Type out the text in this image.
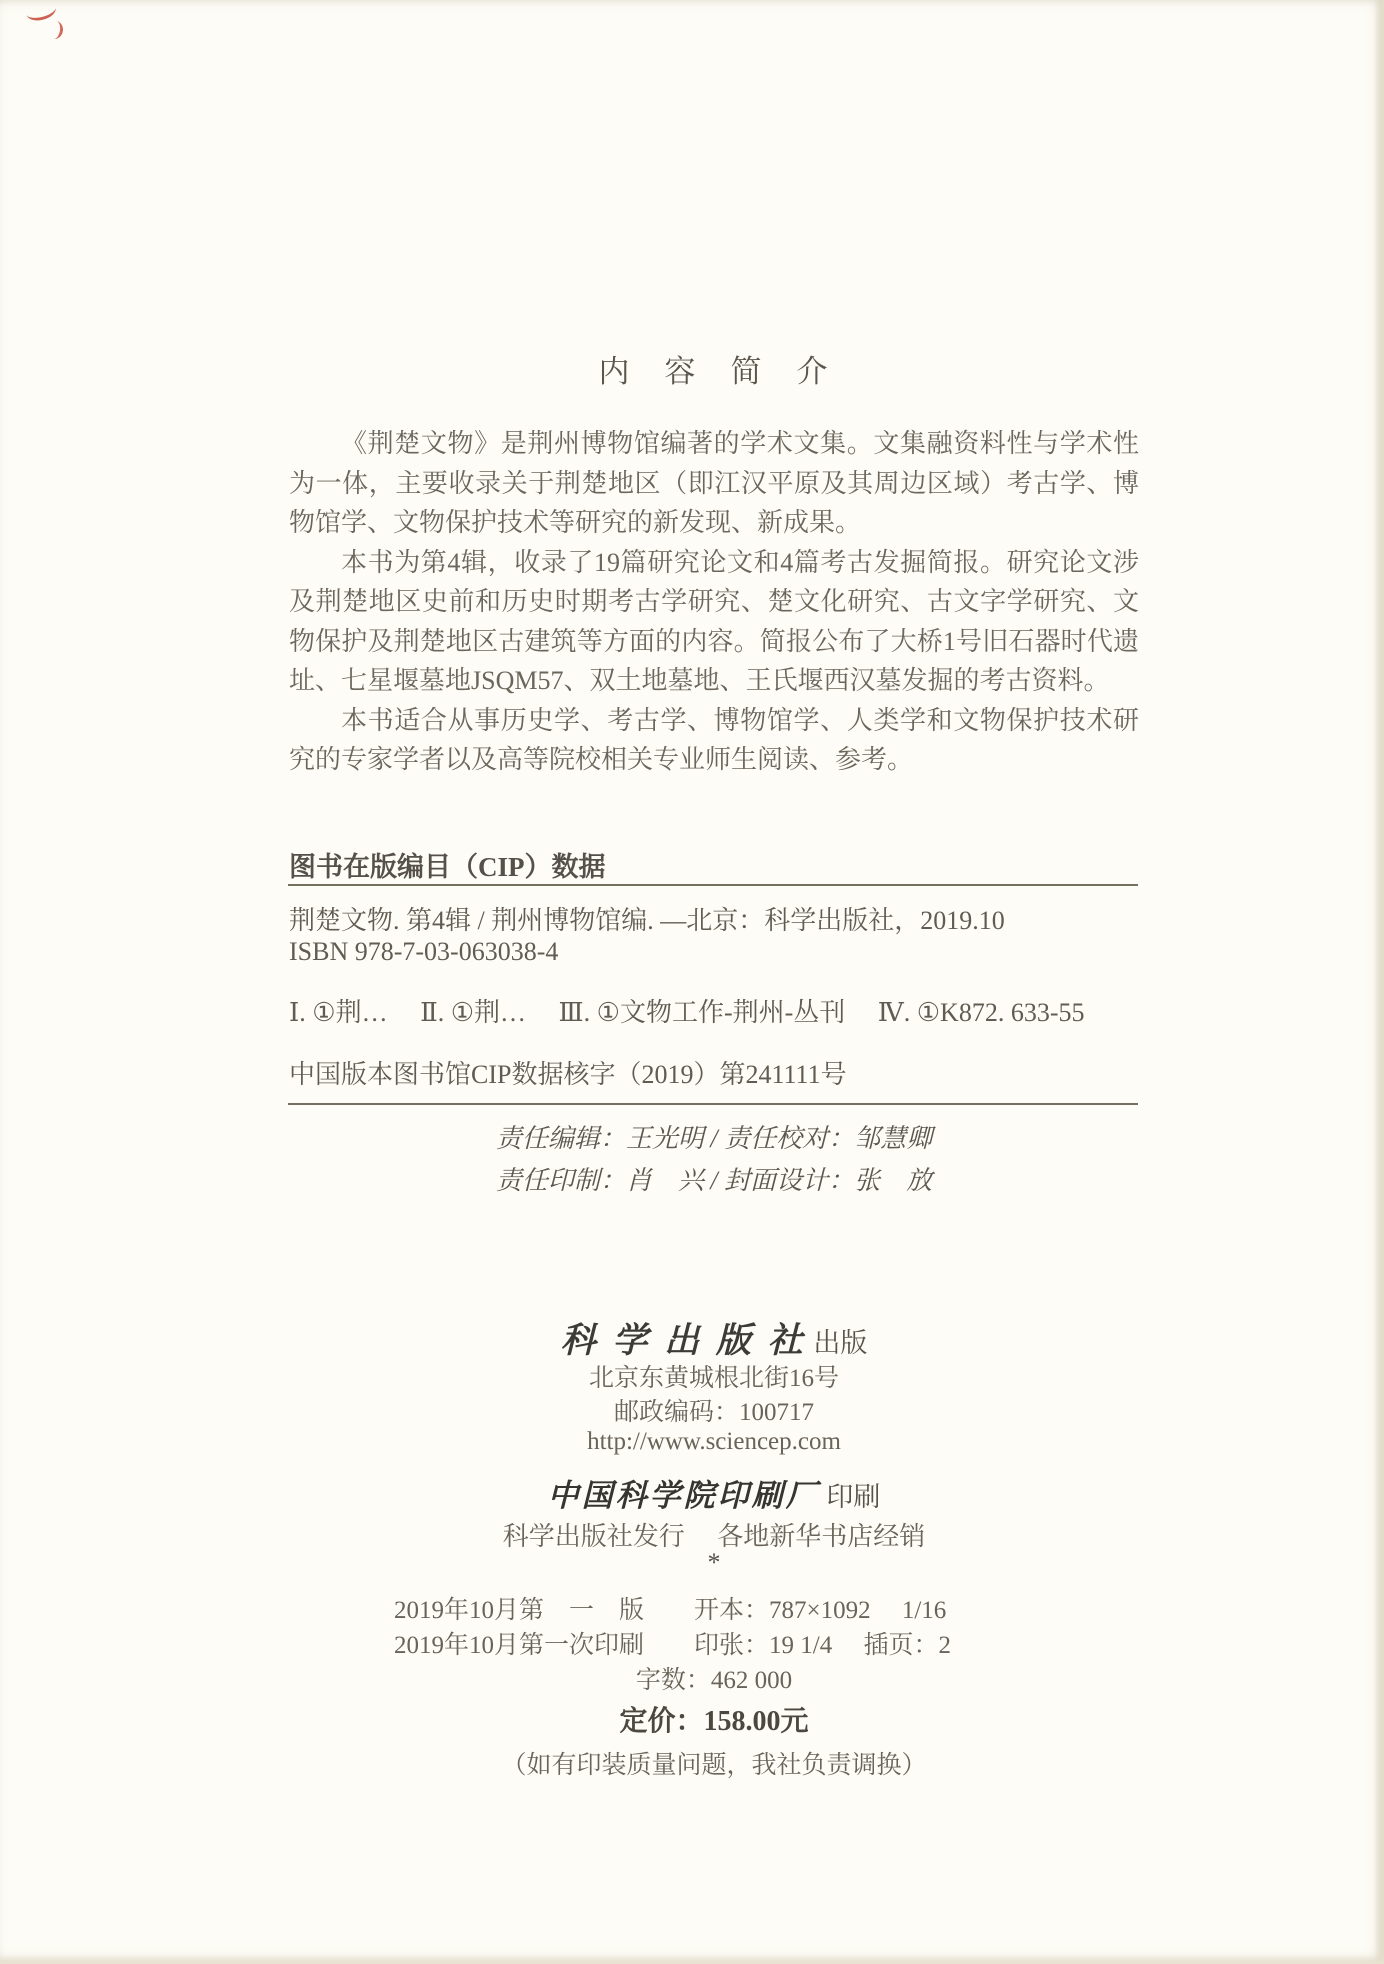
内　容　简　介

《荆楚文物》是荆州博物馆编著的学术文集。文集融资料性与学术性为一体，主要收录关于荆楚地区（即江汉平原及其周边区域）考古学、博物馆学、文物保护技术等研究的新发现、新成果。

本书为第4辑，收录了19篇研究论文和4篇考古发掘简报。研究论文涉及荆楚地区史前和历史时期考古学研究、楚文化研究、古文字学研究、文物保护及荆楚地区古建筑等方面的内容。简报公布了大桥1号旧石器时代遗址、七星堰墓地JSQM57、双土地墓地、王氏堰西汉墓发掘的考古资料。

本书适合从事历史学、考古学、博物馆学、人类学和文物保护技术研究的专家学者以及高等院校相关专业师生阅读、参考。

图书在版编目（CIP）数据
荆楚文物. 第4辑 / 荆州博物馆编. —北京：科学出版社，2019.10
ISBN 978-7-03-063038-4
Ⅰ. ①荆…　 Ⅱ. ①荆…　 Ⅲ. ①文物工作-荆州-丛刊　 Ⅳ. ①K872. 633-55
中国版本图书馆CIP数据核字（2019）第241111号
责任编辑：王光明 / 责任校对：邹慧卿
责任印制：肖　兴 / 封面设计：张　放
科 学 出 版 社 出版
北京东黄城根北街16号
邮政编码：100717
http://www.sciencep.com
中国科学院印刷厂 印刷
科学出版社发行　 各地新华书店经销
*
2019年10月第　一　版	开本：787×1092　 1/16
2019年10月第一次印刷	印张：19 1/4　 插页：2
字数：462 000
定价：158.00元
（如有印装质量问题，我社负责调换）
